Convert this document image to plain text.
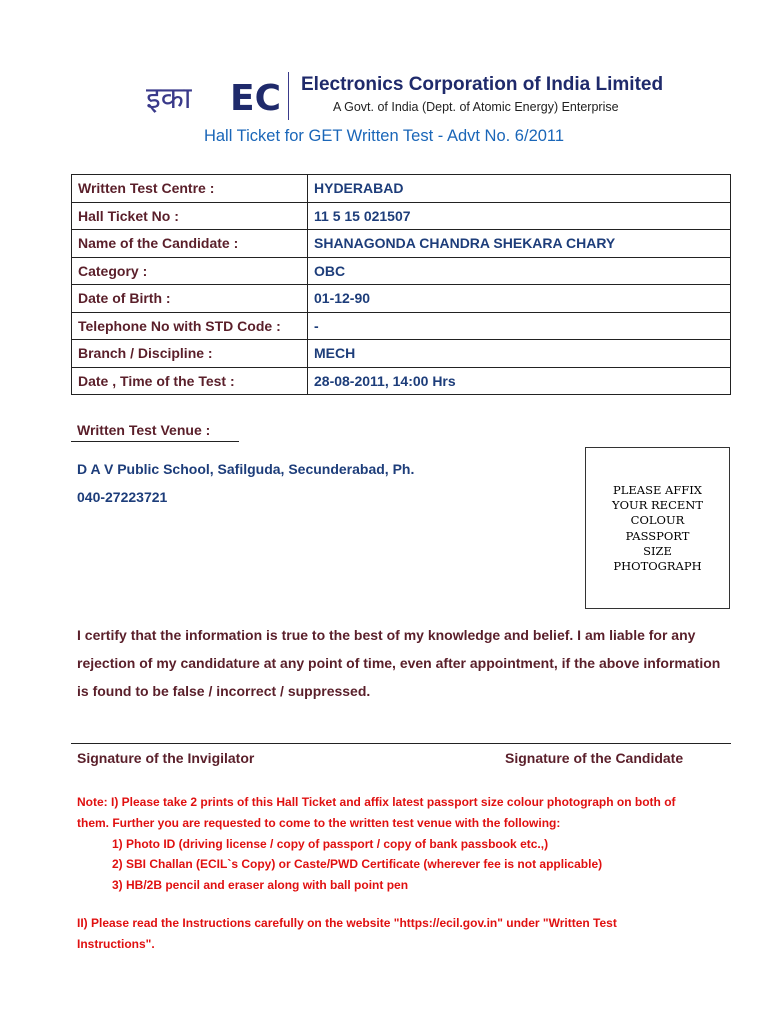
इका EC Electronics Corporation of India Limited
A Govt. of India (Dept. of Atomic Energy) Enterprise
Hall Ticket for GET Written Test - Advt No. 6/2011
Written Test Centre :	HYDERABAD
Hall Ticket No :	11 5 15 021507
Name of the Candidate :	SHANAGONDA CHANDRA SHEKARA CHARY
Category :	OBC
Date of Birth :	01-12-90
Telephone No with STD Code :	-
Branch / Discipline :	MECH
Date , Time of the Test :	28-08-2011, 14:00 Hrs
Written Test Venue :
D A V Public School, Safilguda, Secunderabad, Ph.
040-27223721	PLEASE AFFIX
YOUR RECENT
COLOUR
PASSPORT
SIZE
PHOTOGRAPH
I certify that the information is true to the best of my knowledge and belief. I am liable for any rejection of my candidature at any point of time, even after appointment, if the above information is found to be false / incorrect / suppressed.
Signature of the Invigilator	Signature of the Candidate
Note: I) Please take 2 prints of this Hall Ticket and affix latest passport size colour photograph on both of
them. Further you are requested to come to the written test venue with the following:
1) Photo ID (driving license / copy of passport / copy of bank passbook etc.,)
2) SBI Challan (ECIL`s Copy) or Caste/PWD Certificate (wherever fee is not applicable)
3) HB/2B pencil and eraser along with ball point pen
II) Please read the Instructions carefully on the website "https://ecil.gov.in" under "Written Test
Instructions".
